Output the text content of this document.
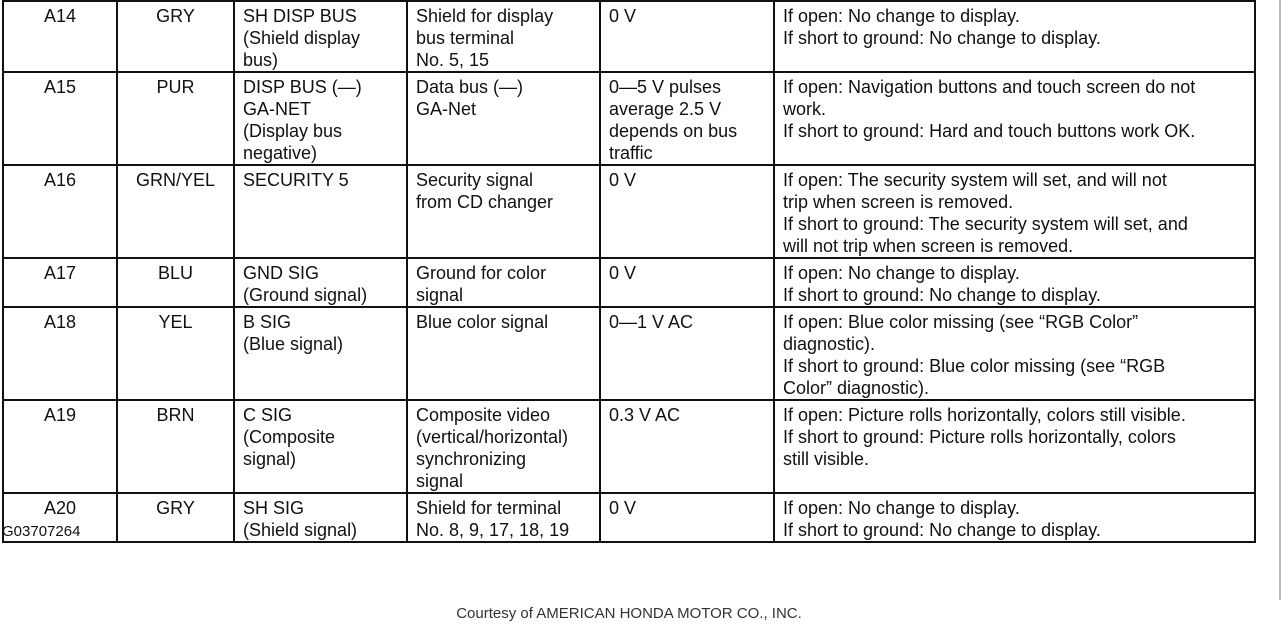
A14	GRY	SH DISP BUS
(Shield display
bus)	Shield for display
bus terminal
No. 5, 15	0 V	If open: No change to display.
If short to ground: No change to display.

A15	PUR	DISP BUS (—)
GA-NET
(Display bus
negative)	Data bus (—)
GA-Net	0—5 V pulses
average 2.5 V
depends on bus
traffic	If open: Navigation buttons and touch screen do not
work.
If short to ground: Hard and touch buttons work OK.

A16	GRN/YEL	SECURITY 5	Security signal
from CD changer	0 V	If open: The security system will set, and will not
trip when screen is removed.
If short to ground: The security system will set, and
will not trip when screen is removed.

A17	BLU	GND SIG
(Ground signal)	Ground for color
signal	0 V	If open: No change to display.
If short to ground: No change to display.

A18	YEL	B SIG
(Blue signal)	Blue color signal	0—1 V AC	If open: Blue color missing (see “RGB Color”
diagnostic).
If short to ground: Blue color missing (see “RGB
Color” diagnostic).

A19	BRN	C SIG
(Composite
signal)	Composite video
(vertical/horizontal)
synchronizing
signal	0.3 V AC	If open: Picture rolls horizontally, colors still visible.
If short to ground: Picture rolls horizontally, colors
still visible.

A20	GRY	SH SIG
(Shield signal)	Shield for terminal
No. 8, 9, 17, 18, 19	0 V	If open: No change to display.
If short to ground: No change to display.
G03707264
Courtesy of AMERICAN HONDA MOTOR CO., INC.
